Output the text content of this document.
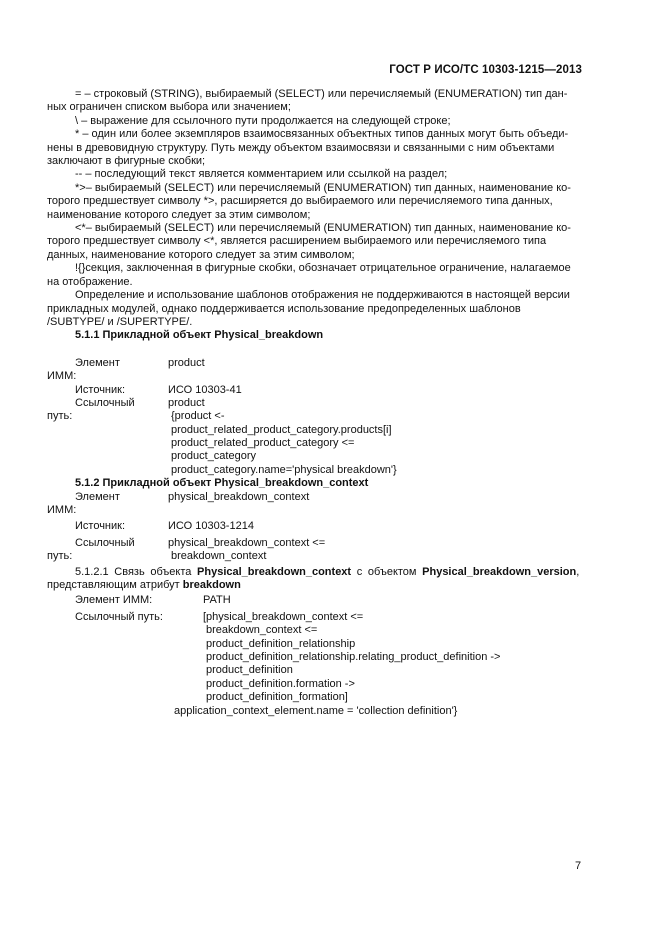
ГОСТ Р ИСО/ТС 10303-1215—2013

= – строковый (STRING), выбираемый (SELECT) или перечисляемый (ENUMERATION) тип дан-

ных ограничен списком выбора или значением;

\ – выражение для ссылочного пути продолжается на следующей строке;

* – один или более экземпляров взаимосвязанных объектных типов данных могут быть объеди-

нены в древовидную структуру. Путь между объектом взаимосвязи и связанными с ним объектами

заключают в фигурные скобки;

-- – последующий текст является комментарием или ссылкой на раздел;

*>– выбираемый (SELECT) или перечисляемый (ENUMERATION) тип данных, наименование ко-

торого предшествует символу *>, расширяется до выбираемого или перечисляемого типа данных,

наименование которого следует за этим символом;

<*– выбираемый (SELECT) или перечисляемый (ENUMERATION) тип данных, наименование ко-

торого предшествует символу <*, является расширением выбираемого или перечисляемого типа

данных, наименование которого следует за этим символом;

!{}секция, заключенная в фигурные скобки, обозначает отрицательное ограничение, налагаемое

на отображение.

Определение и использование шаблонов отображения не поддерживаются в настоящей версии

прикладных модулей, однако поддерживается использование предопределенных шаблонов

/SUBTYPE/ и /SUPERTYPE/.

5.1.1 Прикладной объект Physical_breakdown

Элемент	product
ИММ:
Источник:	ИСО 10303-41
Ссылочный	product
путь:	{product <-
product_related_product_category.products[i]
product_related_product_category <=
product_category
product_category.name='physical breakdown'}

5.1.2 Прикладной объект Physical_breakdown_context

Элемент	physical_breakdown_context
ИММ:
Источник:	ИСО 10303-1214
Ссылочный	physical_breakdown_context <=
путь:	breakdown_context

5.1.2.1 Связь объекта Physical_breakdown_context с объектом Physical_breakdown_version,

представляющим атрибут breakdown

Элемент ИММ:	PATH
Ссылочный путь:	[physical_breakdown_context <=
breakdown_context <=
product_definition_relationship
product_definition_relationship.relating_product_definition ->
product_definition
product_definition.formation ->
product_definition_formation]
application_context_element.name = 'collection definition'}
7
